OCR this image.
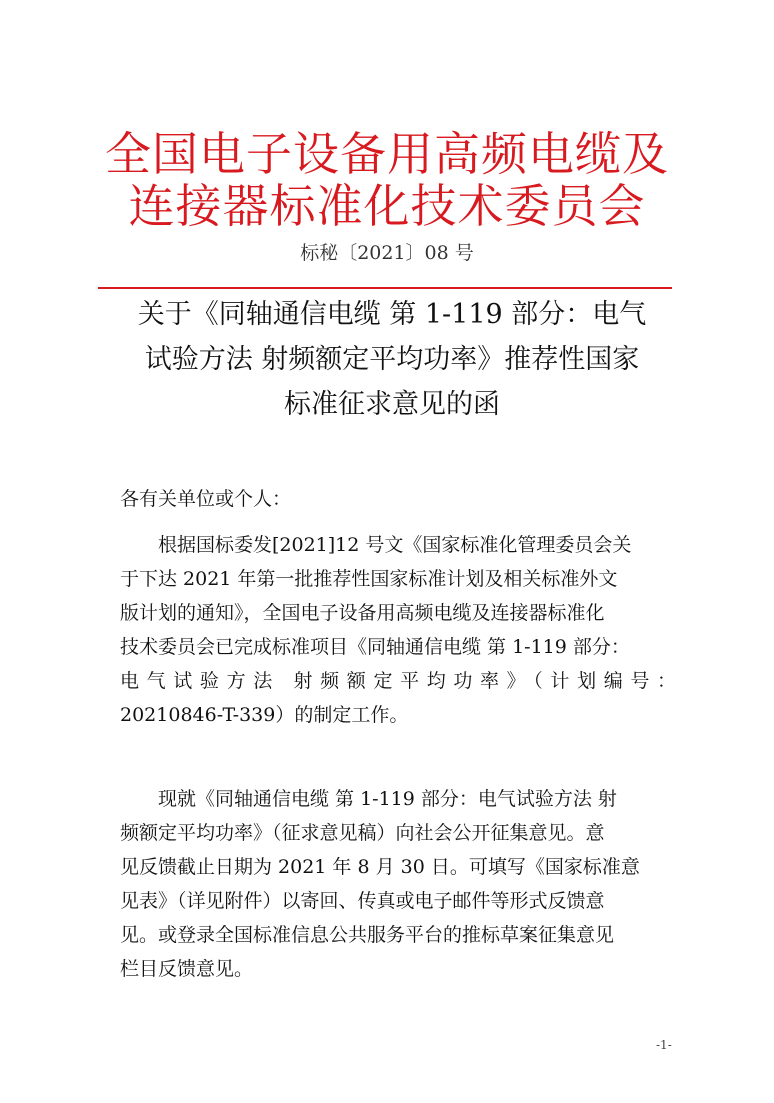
全国电子设备用高频电缆及
连接器标准化技术委员会
标秘〔2021〕08 号
关于《同轴通信电缆 第 1-119 部分：电气
试验方法 射频额定平均功率》推荐性国家
标准征求意见的函
各有关单位或个人：
　　根据国标委发[2021]12 号文《国家标准化管理委员会关
于下达 2021 年第一批推荐性国家标准计划及相关标准外文
版计划的通知》，全国电子设备用高频电缆及连接器标准化
技术委员会已完成标准项目《同轴通信电缆 第 1-119 部分：
电气试验方法 射频额定平均功率》（计划编号：
20210846-T-339）的制定工作。
　　现就《同轴通信电缆 第 1-119 部分：电气试验方法 射
频额定平均功率》（征求意见稿）向社会公开征集意见。意
见反馈截止日期为 2021 年 8 月 30 日。可填写《国家标准意
见表》（详见附件）以寄回、传真或电子邮件等形式反馈意
见。或登录全国标准信息公共服务平台的推标草案征集意见
栏目反馈意见。
-1-
